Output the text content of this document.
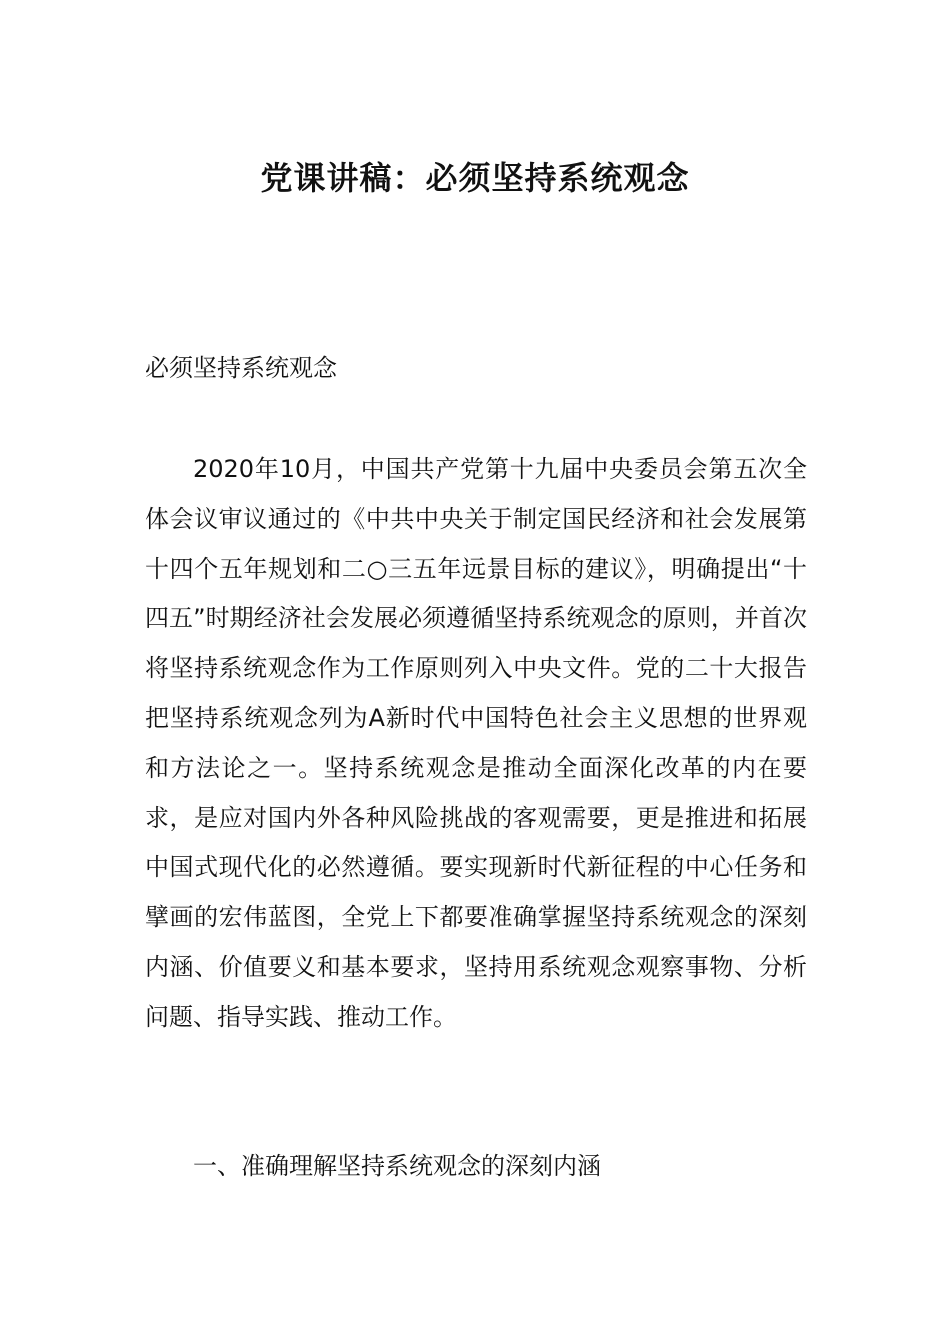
党课讲稿：必须坚持系统观念
必须坚持系统观念

2020年10月，中国共产党第十九届中央委员会第五次全体会议审议通过的《中共中央关于制定国民经济和社会发展第十四个五年规划和二○三五年远景目标的建议》，明确提出“十四五”时期经济社会发展必须遵循坚持系统观念的原则，并首次将坚持系统观念作为工作原则列入中央文件。党的二十大报告把坚持系统观念列为A新时代中国特色社会主义思想的世界观和方法论之一。坚持系统观念是推动全面深化改革的内在要求，是应对国内外各种风险挑战的客观需要，更是推进和拓展中国式现代化的必然遵循。要实现新时代新征程的中心任务和擘画的宏伟蓝图，全党上下都要准确掌握坚持系统观念的深刻内涵、价值要义和基本要求，坚持用系统观念观察事物、分析问题、指导实践、推动工作。

一、准确理解坚持系统观念的深刻内涵
